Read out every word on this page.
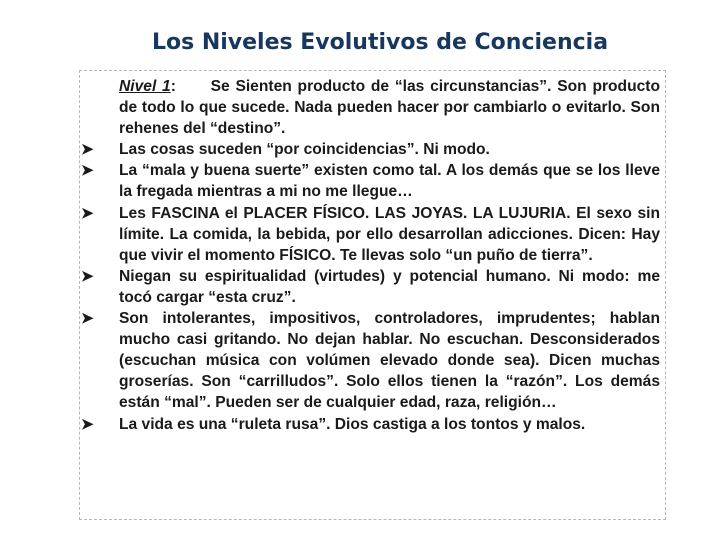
Los Niveles Evolutivos de Conciencia

Nivel 1: Se Sienten producto de “las circunstancias”. Son producto de todo lo que sucede. Nada pueden hacer por cambiarlo o evitarlo. Son rehenes del “destino”.

➤	Las cosas suceden “por coincidencias”. Ni modo.

➤	La “mala y buena suerte” existen como tal. A los demás que se los lleve la fregada mientras a mi no me llegue…

➤	Les FASCINA el PLACER FÍSICO. LAS JOYAS. LA LUJURIA. El sexo sin límite. La comida, la bebida, por ello desarrollan adicciones. Dicen: Hay que vivir el momento FÍSICO. Te llevas solo “un puño de tierra”.

➤	Niegan su espiritualidad (virtudes) y potencial humano. Ni modo: me tocó cargar “esta cruz”.

➤	Son intolerantes, impositivos, controladores, imprudentes; hablan mucho casi gritando. No dejan hablar. No escuchan. Desconsiderados (escuchan música con volúmen elevado donde sea). Dicen muchas groserías. Son “carrilludos”. Solo ellos tienen la “razón”. Los demás están “mal”. Pueden ser de cualquier edad, raza, religión…

➤	La vida es una “ruleta rusa”. Dios castiga a los tontos y malos.
